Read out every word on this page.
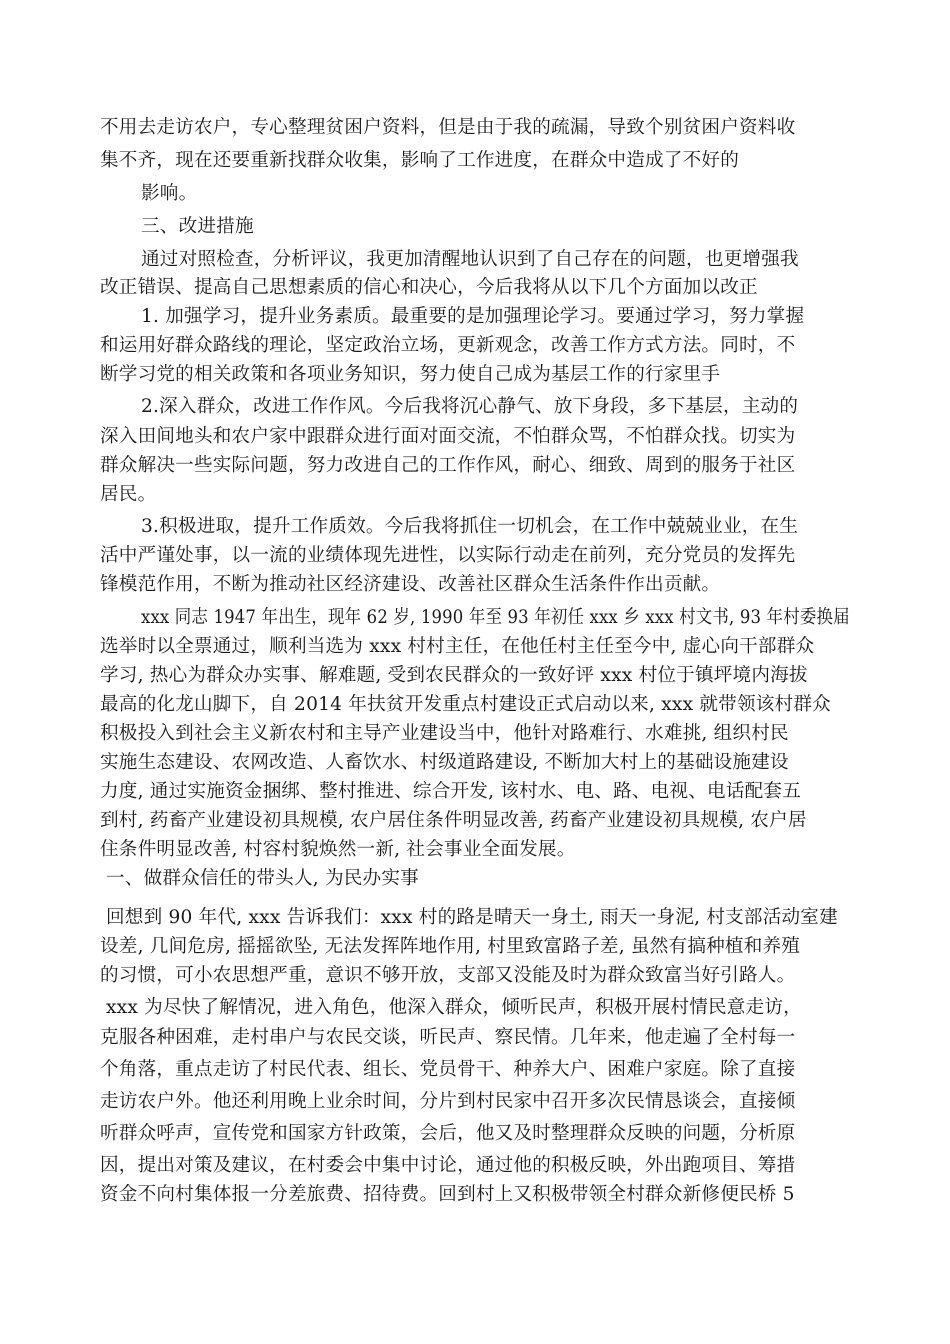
不用去走访农户，专心整理贫困户资料，但是由于我的疏漏，导致个别贫困户资料收
集不齐，现在还要重新找群众收集，影响了工作进度，在群众中造成了不好的
影响。
三、改进措施
通过对照检查，分析评议，我更加清醒地认识到了自己存在的问题，也更增强我
改正错误、提高自己思想素质的信心和决心，今后我将从以下几个方面加以改正
1. 加强学习，提升业务素质。最重要的是加强理论学习。要通过学习，努力掌握
和运用好群众路线的理论，坚定政治立场，更新观念，改善工作方式方法。同时，不
断学习党的相关政策和各项业务知识，努力使自己成为基层工作的行家里手
2.深入群众，改进工作作风。今后我将沉心静气、放下身段，多下基层，主动的
深入田间地头和农户家中跟群众进行面对面交流，不怕群众骂，不怕群众找。切实为
群众解决一些实际问题，努力改进自己的工作作风，耐心、细致、周到的服务于社区
居民。
3.积极进取，提升工作质效。今后我将抓住一切机会，在工作中兢兢业业，在生
活中严谨处事，以一流的业绩体现先进性，以实际行动走在前列，充分党员的发挥先
锋模范作用，不断为推动社区经济建设、改善社区群众生活条件作出贡献。
xxx 同志 1947 年出生，现年 62 岁, 1990 年至 93 年初任 xxx 乡 xxx 村文书, 93 年村委换届
选举时以全票通过，顺利当选为 xxx 村村主任，在他任村主任至今中, 虚心向干部群众
学习, 热心为群众办实事、解难题, 受到农民群众的一致好评 xxx 村位于镇坪境内海拔
最高的化龙山脚下，自 2014 年扶贫开发重点村建设正式启动以来, xxx 就带领该村群众
积极投入到社会主义新农村和主导产业建设当中，他针对路难行、水难挑, 组织村民
实施生态建设、农网改造、人畜饮水、村级道路建设, 不断加大村上的基础设施建设
力度, 通过实施资金捆绑、整村推进、综合开发, 该村水、电、路、电视、电话配套五
到村, 药畜产业建设初具规模, 农户居住条件明显改善, 药畜产业建设初具规模, 农户居
住条件明显改善, 村容村貌焕然一新, 社会事业全面发展。
一、做群众信任的带头人, 为民办实事
回想到 90 年代, xxx 告诉我们：xxx 村的路是晴天一身土, 雨天一身泥, 村支部活动室建
设差, 几间危房, 摇摇欲坠, 无法发挥阵地作用, 村里致富路子差, 虽然有搞种植和养殖
的习惯，可小农思想严重，意识不够开放，支部又没能及时为群众致富当好引路人。
xxx 为尽快了解情况，进入角色，他深入群众，倾听民声，积极开展村情民意走访，
克服各种困难，走村串户与农民交谈，听民声、察民情。几年来，他走遍了全村每一
个角落，重点走访了村民代表、组长、党员骨干、种养大户、困难户家庭。除了直接
走访农户外。他还利用晚上业余时间，分片到村民家中召开多次民情恳谈会，直接倾
听群众呼声，宣传党和国家方针政策，会后，他又及时整理群众反映的问题，分析原
因，提出对策及建议，在村委会中集中讨论，通过他的积极反映，外出跑项目、筹措
资金不向村集体报一分差旅费、招待费。回到村上又积极带领全村群众新修便民桥 5
